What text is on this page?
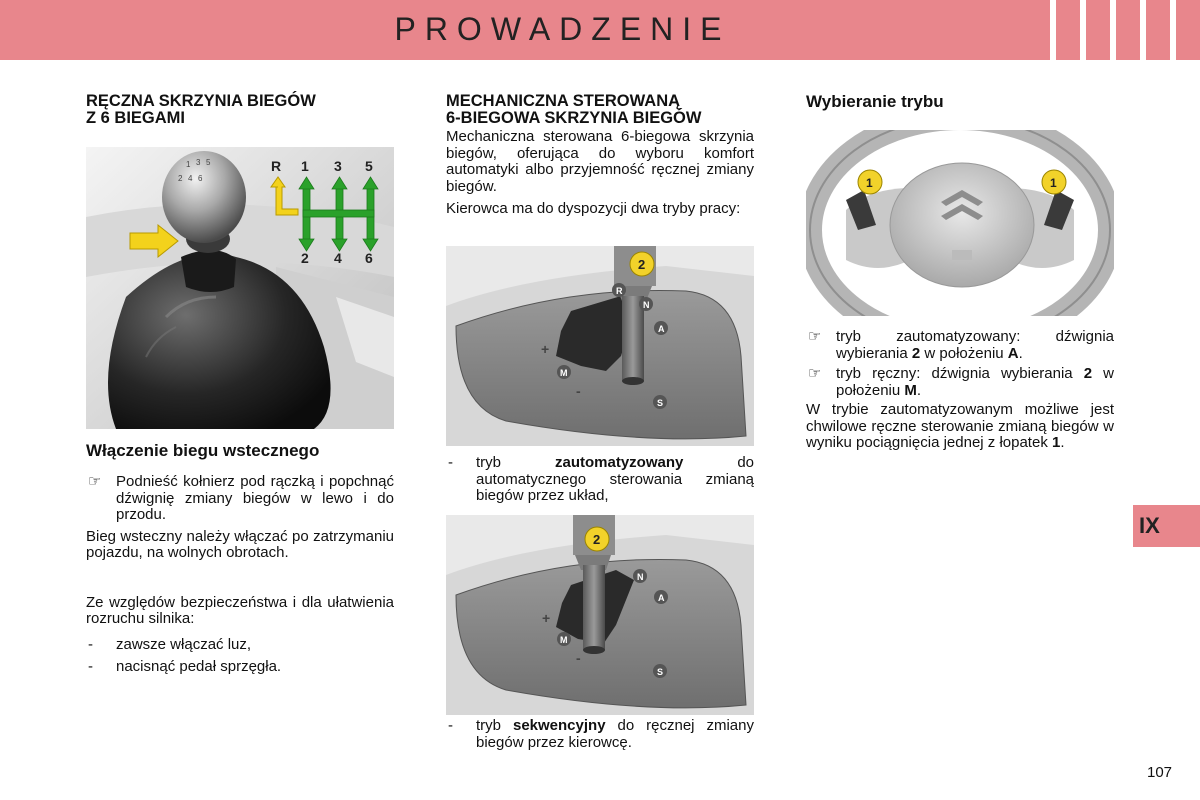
PROWADZENIE
RĘCZNA SKRZYNIA BIEGÓW
Z 6 BIEGAMI
1 3 5
2 4 6
R 1 3 5
2 4 6
Włączenie biegu wstecznego
☞ Podnieść kołnierz pod rączką i popchnąć dźwignię zmiany biegów w lewo i do przodu.

Bieg wsteczny należy włączać po zatrzymaniu pojazdu, na wolnych obrotach.

Ze względów bezpieczeństwa i dla ułatwienia rozruchu silnika:

- zawsze włączać luz,
- nacisnąć pedał sprzęgła.
MECHANICZNA STEROWANĄ
6-BIEGOWA SKRZYNIA BIEGÓW

Mechaniczna sterowana 6-biegowa skrzynia biegów, oferująca do wyboru komfort automatyki albo przyjemność ręcznej zmiany biegów.

Kierowca ma do dyspozycji dwa tryby pracy:

2
R
N
A
M
S
+
-
- tryb	zautomatyzowany	do automatycznego sterowania zmianą biegów przez układ,
2
N
A
M
S
+
-
- tryb sekwencyjny do ręcznej zmiany biegów przez kierowcę.
Wybieranie trybu
1	1
☞ tryb zautomatyzowany: dźwignia wybierania 2 w położeniu A.
☞ tryb ręczny: dźwignia wybierania 2 w położeniu M.

W trybie zautomatyzowanym możliwe jest chwilowe ręczne sterowanie zmianą biegów w wyniku pociągnięcia jednej z łopatek 1.

IX
107
